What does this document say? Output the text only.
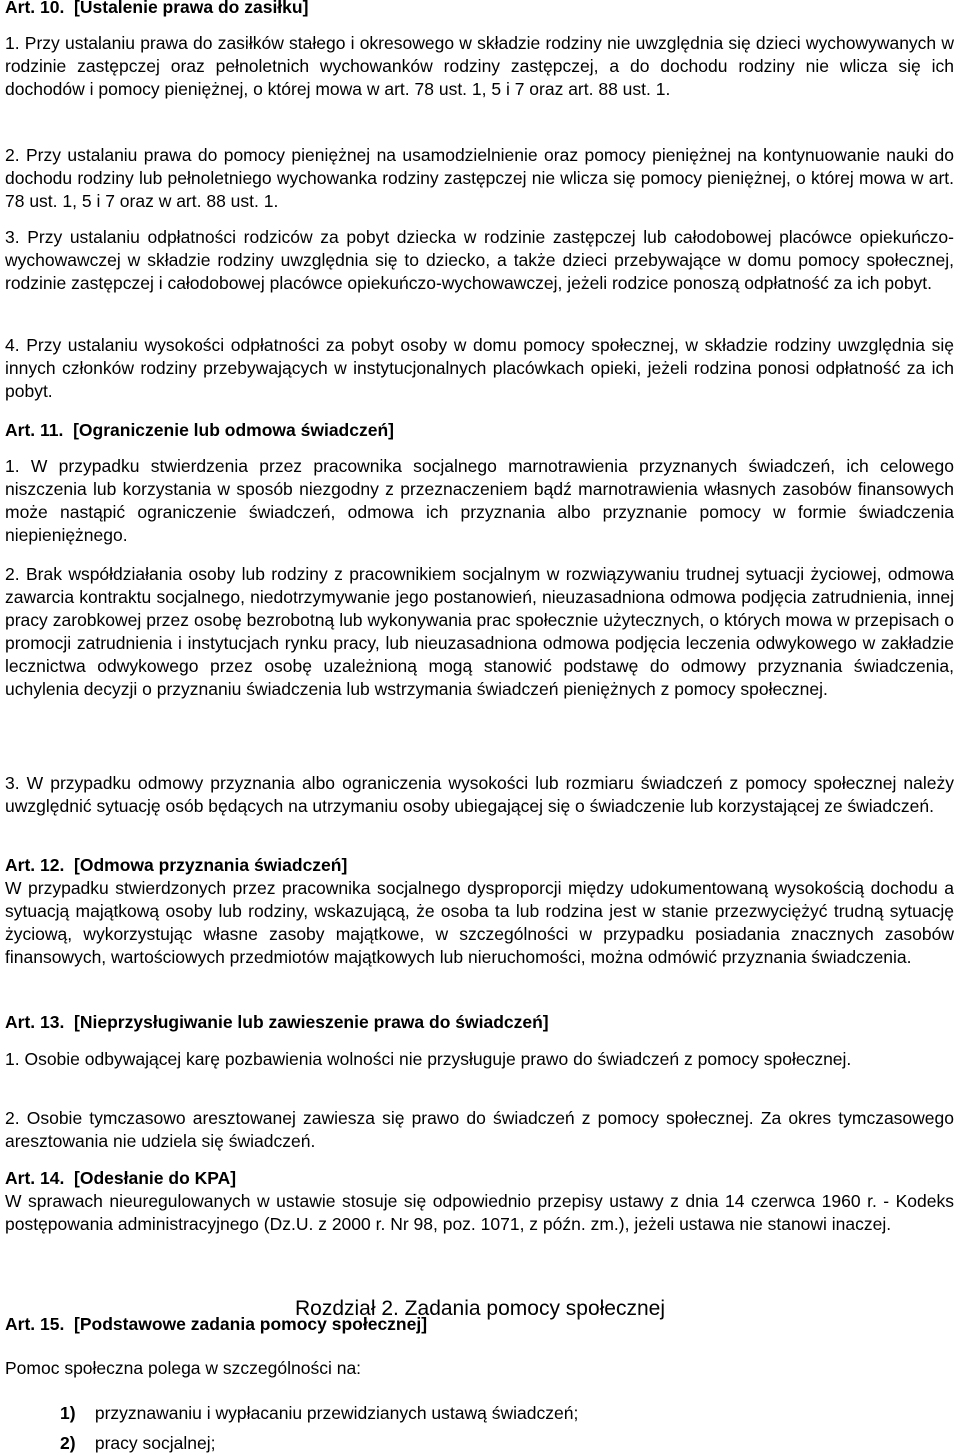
Art. 10.  [Ustalenie prawa do zasiłku]

1. Przy ustalaniu prawa do zasiłków stałego i okresowego w składzie rodziny nie uwzględnia się dzieci wychowywanych w rodzinie zastępczej oraz pełnoletnich wychowanków rodziny zastępczej, a do dochodu rodziny nie wlicza się ich dochodów i pomocy pieniężnej, o której mowa w art. 78 ust. 1, 5 i 7 oraz art. 88 ust. 1.

2. Przy ustalaniu prawa do pomocy pieniężnej na usamodzielnienie oraz pomocy pieniężnej na kontynuowanie nauki do dochodu rodziny lub pełnoletniego wychowanka rodziny zastępczej nie wlicza się pomocy pieniężnej, o której mowa w art. 78 ust. 1, 5 i 7 oraz w art. 88 ust. 1.

3. Przy ustalaniu odpłatności rodziców za pobyt dziecka w rodzinie zastępczej lub całodobowej placówce opiekuńczo-wychowawczej w składzie rodziny uwzględnia się to dziecko, a także dzieci przebywające w domu pomocy społecznej, rodzinie zastępczej i całodobowej placówce opiekuńczo-wychowawczej, jeżeli rodzice ponoszą odpłatność za ich pobyt.

4. Przy ustalaniu wysokości odpłatności za pobyt osoby w domu pomocy społecznej, w składzie rodziny uwzględnia się innych członków rodziny przebywających w instytucjonalnych placówkach opieki, jeżeli rodzina ponosi odpłatność za ich pobyt.

Art. 11.  [Ograniczenie lub odmowa świadczeń]

1. W przypadku stwierdzenia przez pracownika socjalnego marnotrawienia przyznanych świadczeń, ich celowego niszczenia lub korzystania w sposób niezgodny z przeznaczeniem bądź marnotrawienia własnych zasobów finansowych może nastąpić ograniczenie świadczeń, odmowa ich przyznania albo przyznanie pomocy w formie świadczenia niepieniężnego.

2. Brak współdziałania osoby lub rodziny z pracownikiem socjalnym w rozwiązywaniu trudnej sytuacji życiowej, odmowa zawarcia kontraktu socjalnego, niedotrzymywanie jego postanowień, nieuzasadniona odmowa podjęcia zatrudnienia, innej pracy zarobkowej przez osobę bezrobotną lub wykonywania prac społecznie użytecznych, o których mowa w przepisach o promocji zatrudnienia i instytucjach rynku pracy, lub nieuzasadniona odmowa podjęcia leczenia odwykowego w zakładzie lecznictwa odwykowego przez osobę uzależnioną mogą stanowić podstawę do odmowy przyznania świadczenia, uchylenia decyzji o przyznaniu świadczenia lub wstrzymania świadczeń pieniężnych z pomocy społecznej.

3. W przypadku odmowy przyznania albo ograniczenia wysokości lub rozmiaru świadczeń z pomocy społecznej należy uwzględnić sytuację osób będących na utrzymaniu osoby ubiegającej się o świadczenie lub korzystającej ze świadczeń.

Art. 12.  [Odmowa przyznania świadczeń]

W przypadku stwierdzonych przez pracownika socjalnego dysproporcji między udokumentowaną wysokością dochodu a sytuacją majątkową osoby lub rodziny, wskazującą, że osoba ta lub rodzina jest w stanie przezwyciężyć trudną sytuację życiową, wykorzystując własne zasoby majątkowe, w szczególności w przypadku posiadania znacznych zasobów finansowych, wartościowych przedmiotów majątkowych lub nieruchomości, można odmówić przyznania świadczenia.

Art. 13.  [Nieprzysługiwanie lub zawieszenie prawa do świadczeń]

1. Osobie odbywającej karę pozbawienia wolności nie przysługuje prawo do świadczeń z pomocy społecznej.

2. Osobie tymczasowo aresztowanej zawiesza się prawo do świadczeń z pomocy społecznej. Za okres tymczasowego aresztowania nie udziela się świadczeń.

Art. 14.  [Odesłanie do KPA]

W sprawach nieuregulowanych w ustawie stosuje się odpowiednio przepisy ustawy z dnia 14 czerwca 1960 r. - Kodeks postępowania administracyjnego (Dz.U. z 2000 r. Nr 98, poz. 1071, z późn. zm.), jeżeli ustawa nie stanowi inaczej.

Rozdział 2. Zadania pomocy społecznej

Art. 15.  [Podstawowe zadania pomocy społecznej]

Pomoc społeczna polega w szczególności na:

1) przyznawaniu i wypłacaniu przewidzianych ustawą świadczeń;

2) pracy socjalnej;
